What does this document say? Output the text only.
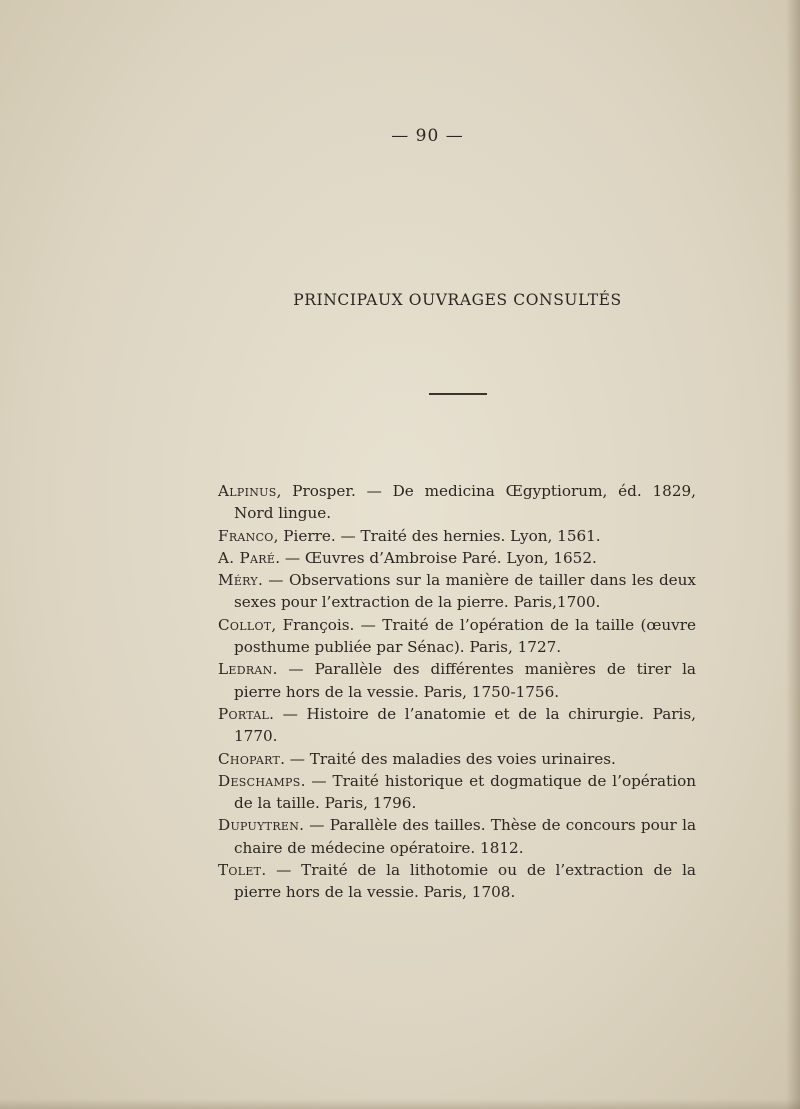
— 90 —
PRINCIPAUX OUVRAGES CONSULTÉS
Alpinus, Prosper. — De medicina Œgyptiorum, éd. 1829, Nord lingue.
Franco, Pierre. — Traité des hernies. Lyon, 1561.
A. Paré. — Œuvres d’Ambroise Paré. Lyon, 1652.
Méry. — Observations sur la manière de tailler dans les deux sexes pour l’extraction de la pierre. Paris,1700.
Collot, François. — Traité de l’opération de la taille (œuvre posthume publiée par Sénac). Paris, 1727.
Ledran. — Parallèle des différentes manières de tirer la pierre hors de la vessie. Paris, 1750-1756.
Portal. — Histoire de l’anatomie et de la chirurgie. Paris, 1770.
Chopart. — Traité des maladies des voies urinaires.
Deschamps. — Traité historique et dogmatique de l’opération de la taille. Paris, 1796.
Dupuytren. — Parallèle des tailles. Thèse de concours pour la chaire de médecine opératoire. 1812.
Tolet. — Traité de la lithotomie ou de l’extraction de la pierre hors de la vessie. Paris, 1708.
